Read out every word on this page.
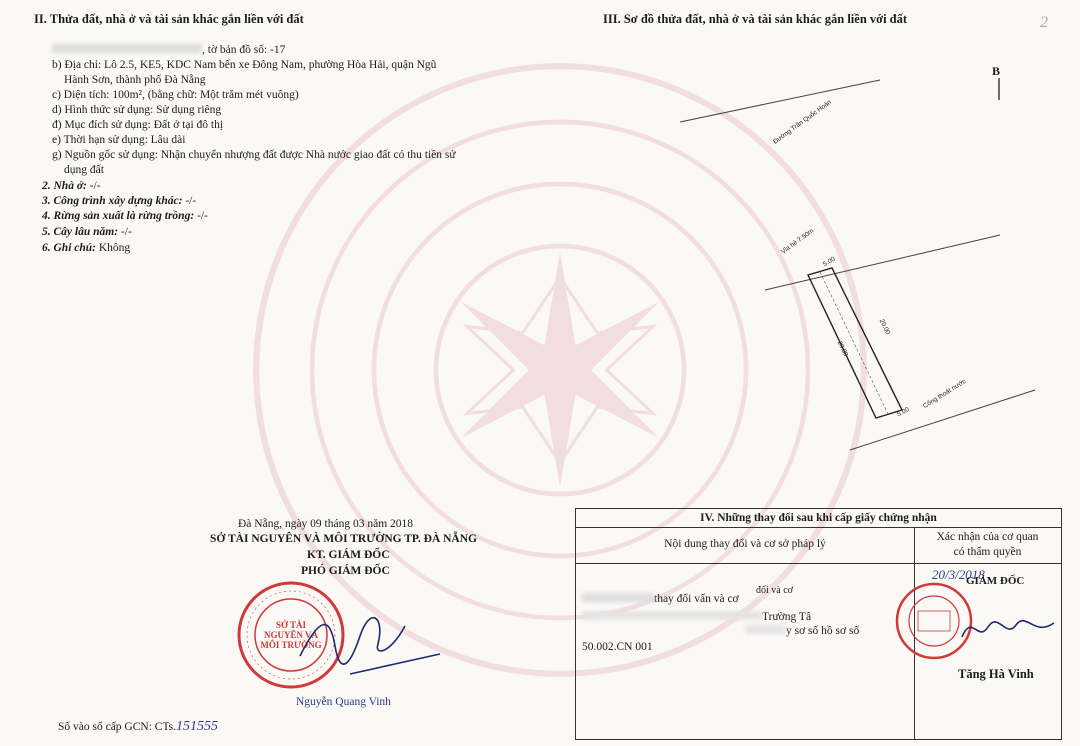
II. Thửa đất, nhà ở và tài sản khác gắn liền với đất
, tờ bản đồ số: -17
b) Địa chỉ: Lô 2.5, KE5, KDC Nam bến xe Đông Nam, phường Hòa Hải, quận Ngũ
Hành Sơn, thành phố Đà Nẵng
c) Diện tích: 100m², (bằng chữ: Một trăm mét vuông)
d) Hình thức sử dụng: Sử dụng riêng
đ) Mục đích sử dụng: Đất ở tại đô thị
e) Thời hạn sử dụng: Lâu dài
g) Nguồn gốc sử dụng: Nhận chuyển nhượng đất được Nhà nước giao đất có thu tiền sử
dụng đất
2. Nhà ở: -/-
3. Công trình xây dựng khác: -/-
4. Rừng sản xuất là rừng trồng: -/-
5. Cây lâu năm: -/-
6. Ghi chú: Không
Đà Nẵng, ngày 09 tháng 03 năm 2018
SỞ TÀI NGUYÊN VÀ MÔI TRƯỜNG TP. ĐÀ NẴNG
KT. GIÁM ĐỐC
PHÓ GIÁM ĐỐC
SỞ TÀI NGUYÊN VÀ MÔI TRƯỜNG
Nguyễn Quang Vinh
Số vào sổ cấp GCN: CTs.151555
III. Sơ đồ thửa đất, nhà ở và tài sản khác gắn liền với đất	2
B
Đường Trần Quốc Hoàn
Vỉa hè 7.50m
5.00
20.00
20.00
5.00
Cống thoát nước
IV. Những thay đổi sau khi cấp giấy chứng nhận
Nội dung thay đổi và cơ sở pháp lý
Xác nhận của cơ quan
có thẩm quyền
thay đổi vấn và cơ
đổi và cơ
Trường Tâ
y sơ số hồ sơ số
50.002.CN 001
20/3/2018
GIÁM ĐỐC
Tăng Hà Vinh
